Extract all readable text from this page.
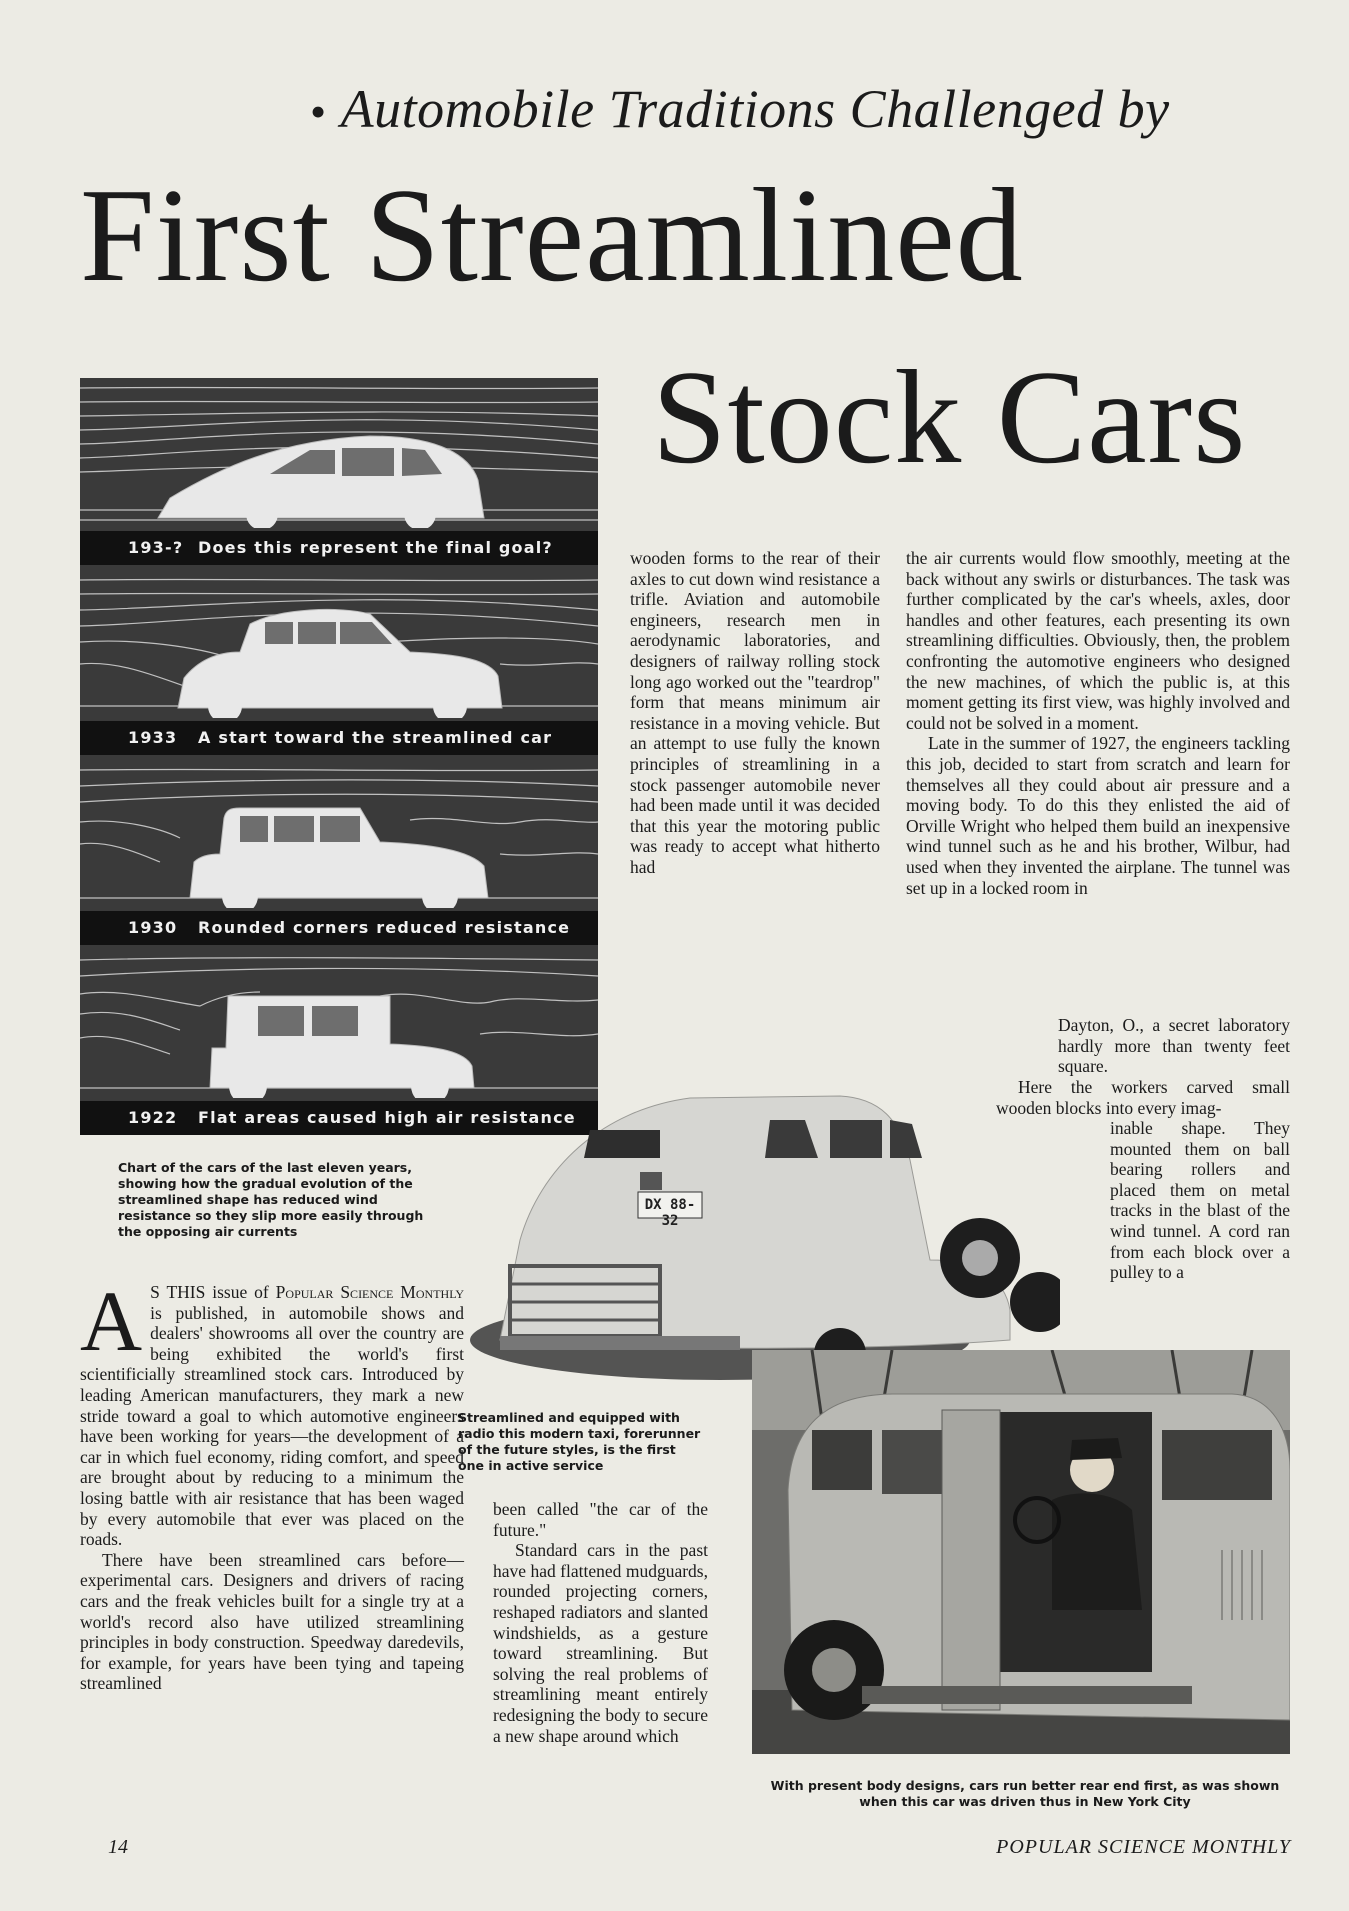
• Automobile Traditions Challenged by
First Streamlined
Stock Cars
193-? Does this represent the final goal?
1933 A start toward the streamlined car
1930 Rounded corners reduced resistance
1922 Flat areas caused high air resistance
Chart of the cars of the last eleven years, showing how the gradual evolution of the streamlined shape has reduced wind resistance so they slip more easily through the opposing air currents
DX 88-32
Streamlined and equipped with radio this modern taxi, forerunner of the future styles, is the first one in active service
With present body designs, cars run better rear end first, as was shown when this car was driven thus in New York City

A S THIS issue of Popular Science Monthly is published, in automobile shows and dealers' showrooms all over the country are being exhibited the world's first scientificially streamlined stock cars. Introduced by leading American manufacturers, they mark a new stride toward a goal to which automotive engineers have been working for years—the development of a car in which fuel economy, riding comfort, and speed are brought about by reducing to a minimum the losing battle with air resistance that has been waged by every automobile that ever was placed on the roads.

There have been streamlined cars before—experimental cars. Designers and drivers of racing cars and the freak vehicles built for a single try at a world's record also have utilized streamlining principles in body construction. Speedway daredevils, for example, for years have been tying and tapeing streamlined

wooden forms to the rear of their axles to cut down wind resistance a trifle. Aviation and automobile engineers, research men in aerodynamic laboratories, and designers of railway rolling stock long ago worked out the "teardrop" form that means minimum air resistance in a moving vehicle. But an attempt to use fully the known principles of streamlining in a stock passenger automobile never had been made until it was decided that this year the motoring public was ready to accept what hitherto had

been called "the car of the future."

Standard cars in the past have had flattened mudguards, rounded projecting corners, reshaped radiators and slanted windshields, as a gesture toward streamlining. But solving the real problems of streamlining meant entirely redesigning the body to secure a new shape around which

the air currents would flow smoothly, meeting at the back without any swirls or disturbances. The task was further complicated by the car's wheels, axles, door handles and other features, each presenting its own streamlining difficulties. Obviously, then, the problem confronting the automotive engineers who designed the new machines, of which the public is, at this moment getting its first view, was highly involved and could not be solved in a moment.

Late in the summer of 1927, the engineers tackling this job, decided to start from scratch and learn for themselves all they could about air pressure and a moving body. To do this they enlisted the aid of Orville Wright who helped them build an inexpensive wind tunnel such as he and his brother, Wilbur, had used when they invented the airplane. The tunnel was set up in a locked room in

Dayton, O., a secret laboratory hardly more than twenty feet square.
Here the workers carved small wooden blocks into every imag-
inable shape. They mounted them on ball bearing rollers and placed them on metal tracks in the blast of the wind tunnel. A cord ran from each block over a pulley to a
14	POPULAR SCIENCE MONTHLY
